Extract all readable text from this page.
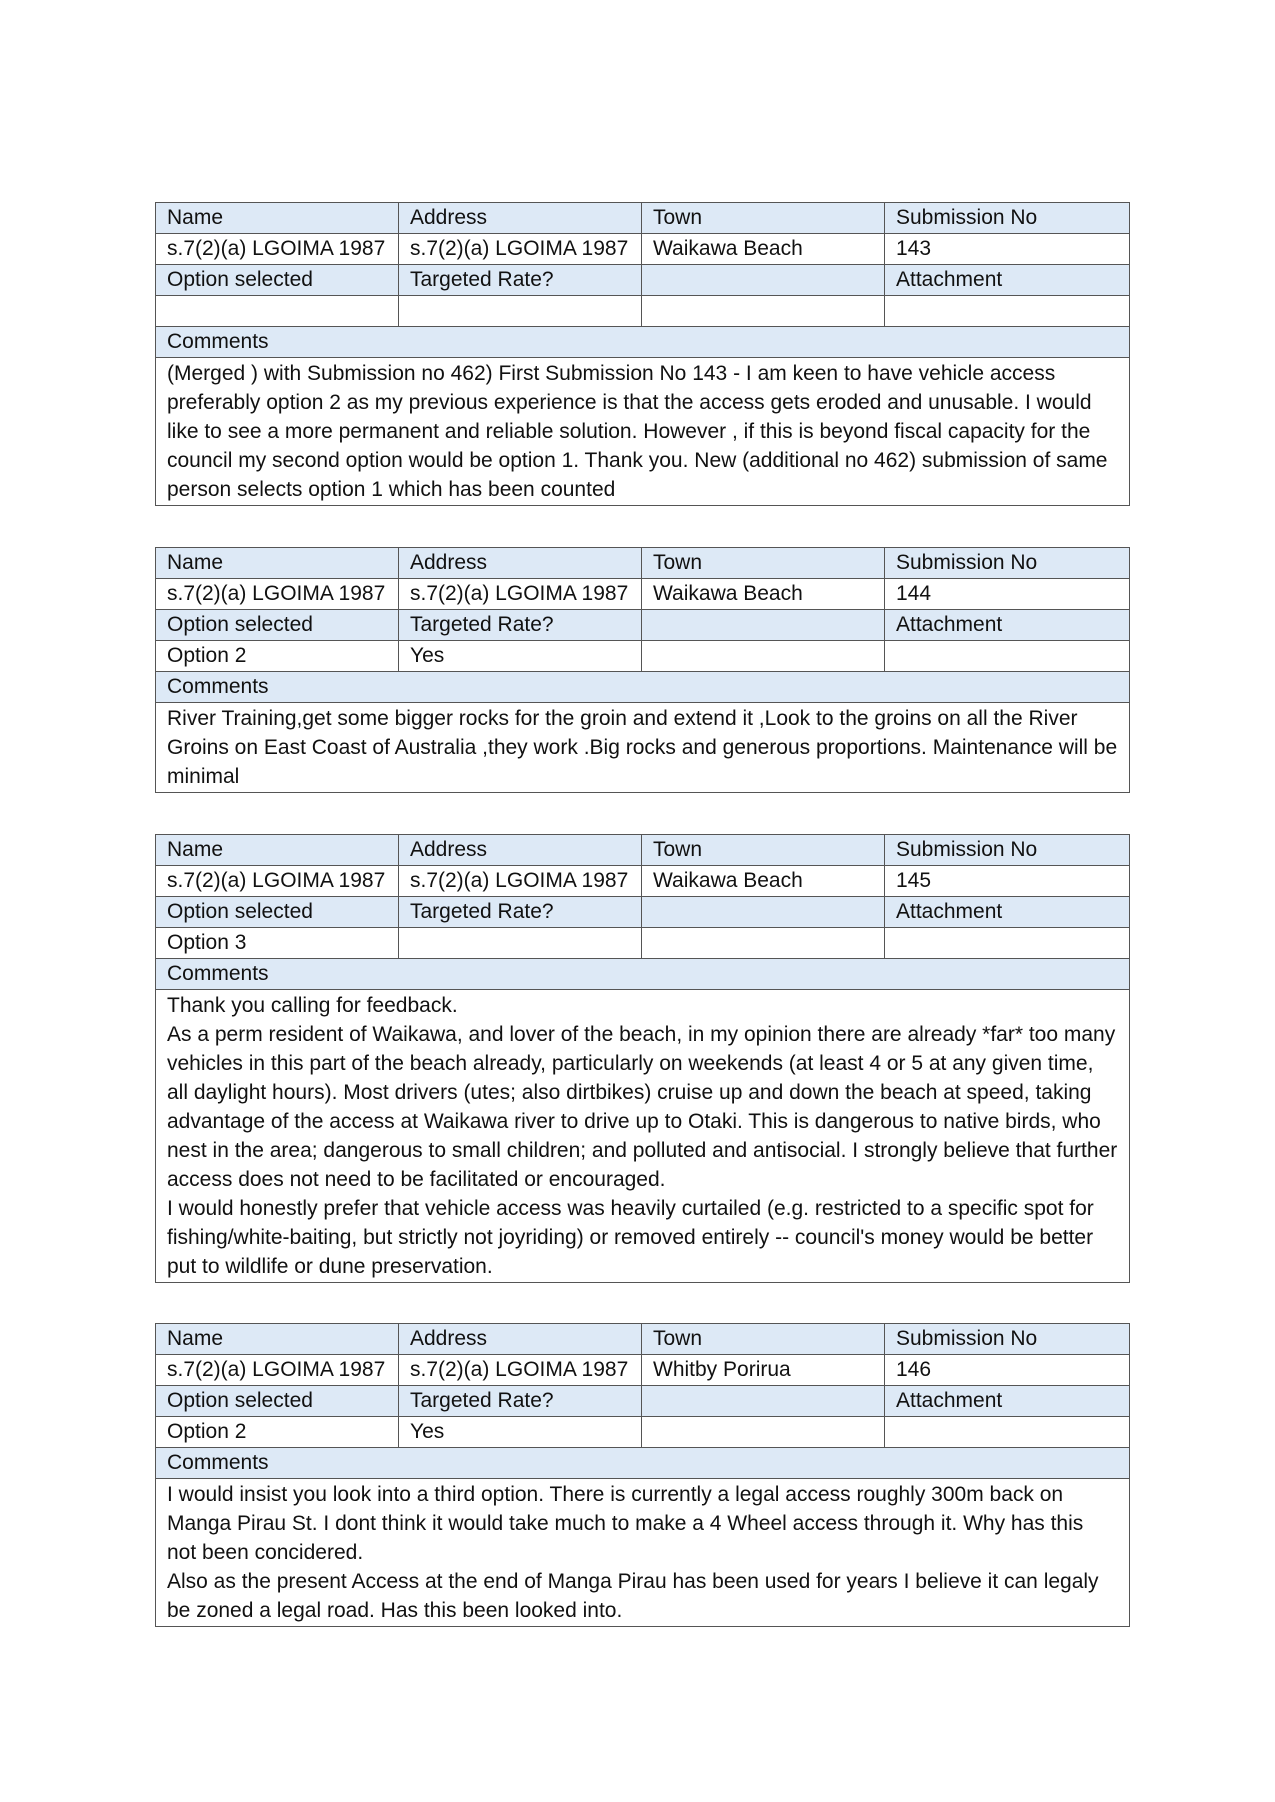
Name	Address	Town	Submission No
s.7(2)(a) LGOIMA 1987	s.7(2)(a) LGOIMA 1987	Waikawa Beach	143
Option selected	Targeted Rate?		Attachment

Comments			

(Merged ) with Submission no 462) First Submission No 143 - I am keen to have vehicle access preferably option 2 as my previous experience is that the access gets eroded and unusable. I would like to see a more permanent and reliable solution. However , if this is beyond fiscal capacity for the council my second option would be option 1. Thank you. New (additional no 462) submission of same person selects option 1 which has been counted			

Name	Address	Town	Submission No
s.7(2)(a) LGOIMA 1987	s.7(2)(a) LGOIMA 1987	Waikawa Beach	144
Option selected	Targeted Rate?		Attachment
Option 2	Yes		
Comments			

River Training,get some bigger rocks for the groin and extend it ,Look to the groins on all the River Groins on East Coast of Australia ,they work .Big rocks and generous proportions. Maintenance will be minimal			

Name	Address	Town	Submission No
s.7(2)(a) LGOIMA 1987	s.7(2)(a) LGOIMA 1987	Waikawa Beach	145
Option selected	Targeted Rate?		Attachment
Option 3			
Comments			

Thank you calling for feedback.

As a perm resident of Waikawa, and lover of the beach, in my opinion there are already *far* too many vehicles in this part of the beach already, particularly on weekends (at least 4 or 5 at any given time, all daylight hours). Most drivers (utes; also dirtbikes) cruise up and down the beach at speed, taking advantage of the access at Waikawa river to drive up to Otaki. This is dangerous to native birds, who nest in the area; dangerous to small children; and polluted and antisocial. I strongly believe that further access does not need to be facilitated or encouraged.

I would honestly prefer that vehicle access was heavily curtailed (e.g. restricted to a specific spot for fishing/white-baiting, but strictly not joyriding) or removed entirely -- council's money would be better put to wildlife or dune preservation.			

Name	Address	Town	Submission No
s.7(2)(a) LGOIMA 1987	s.7(2)(a) LGOIMA 1987	Whitby Porirua	146
Option selected	Targeted Rate?		Attachment
Option 2	Yes		
Comments			

I would insist you look into a third option. There is currently a legal access roughly 300m back on Manga Pirau St. I dont think it would take much to make a 4 Wheel access through it. Why has this not been concidered.

Also as the present Access at the end of Manga Pirau has been used for years I believe it can legaly be zoned a legal road. Has this been looked into.			
